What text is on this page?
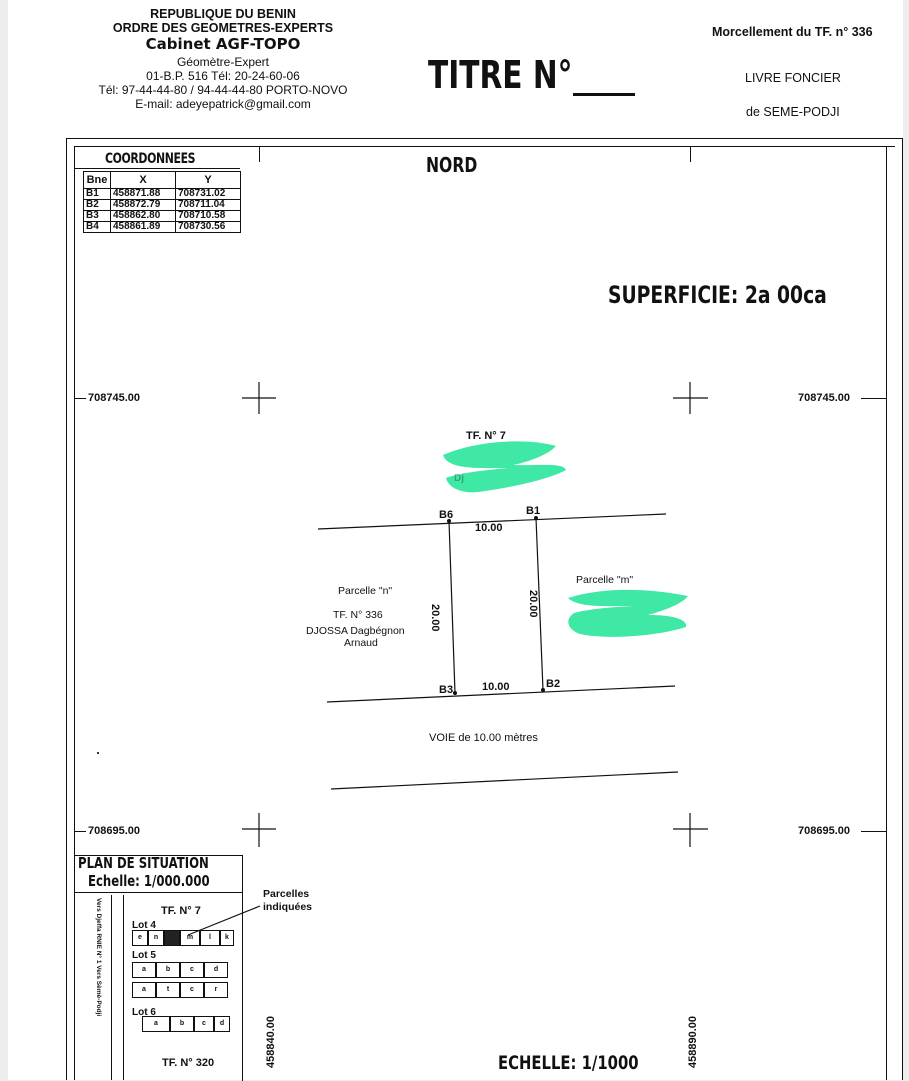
REPUBLIQUE DU BENIN
ORDRE DES GEOMETRES-EXPERTS
Cabinet AGF-TOPO
Géomètre-Expert
01-B.P. 516 Tél: 20-24-60-06
Tél: 97-44-44-80 / 94-44-44-80 PORTO-NOVO
E-mail: adeyepatrick@gmail.com
TITRE N°
Morcellement du TF. n° 336
LIVRE FONCIER
de SEME-PODJI
COORDONNEES
Bne	X	Y
B1	458871.88	708731.02
B2	458872.79	708711.04
B3	458862.80	708710.58
B4	458861.89	708730.56
NORD
SUPERFICIE: 2a 00ca
708745.00	708745.00
708695.00	708695.00
TF. N° 7
Dj
B6	B1
B3	B2
10.00
10.00
20.00
20.00
Parcelle "n"
TF. N° 336
DJOSSA Dagbégnon
Arnaud
Parcelle "m"
VOIE de 10.00 mètres
PLAN DE SITUATION
Echelle: 1/000.000
Vers Djeffa RNIE N° 1 Vers Sèmè-Podji	TF. N° 7
Lot 4
Lot 5
Lot 6
TF. N° 320
Parcelles
indiquées
e	n	m	l	k
a	b	c	d
a	t	c	r
a	b	c	d	458840.00	458890.00
ECHELLE: 1/1000
